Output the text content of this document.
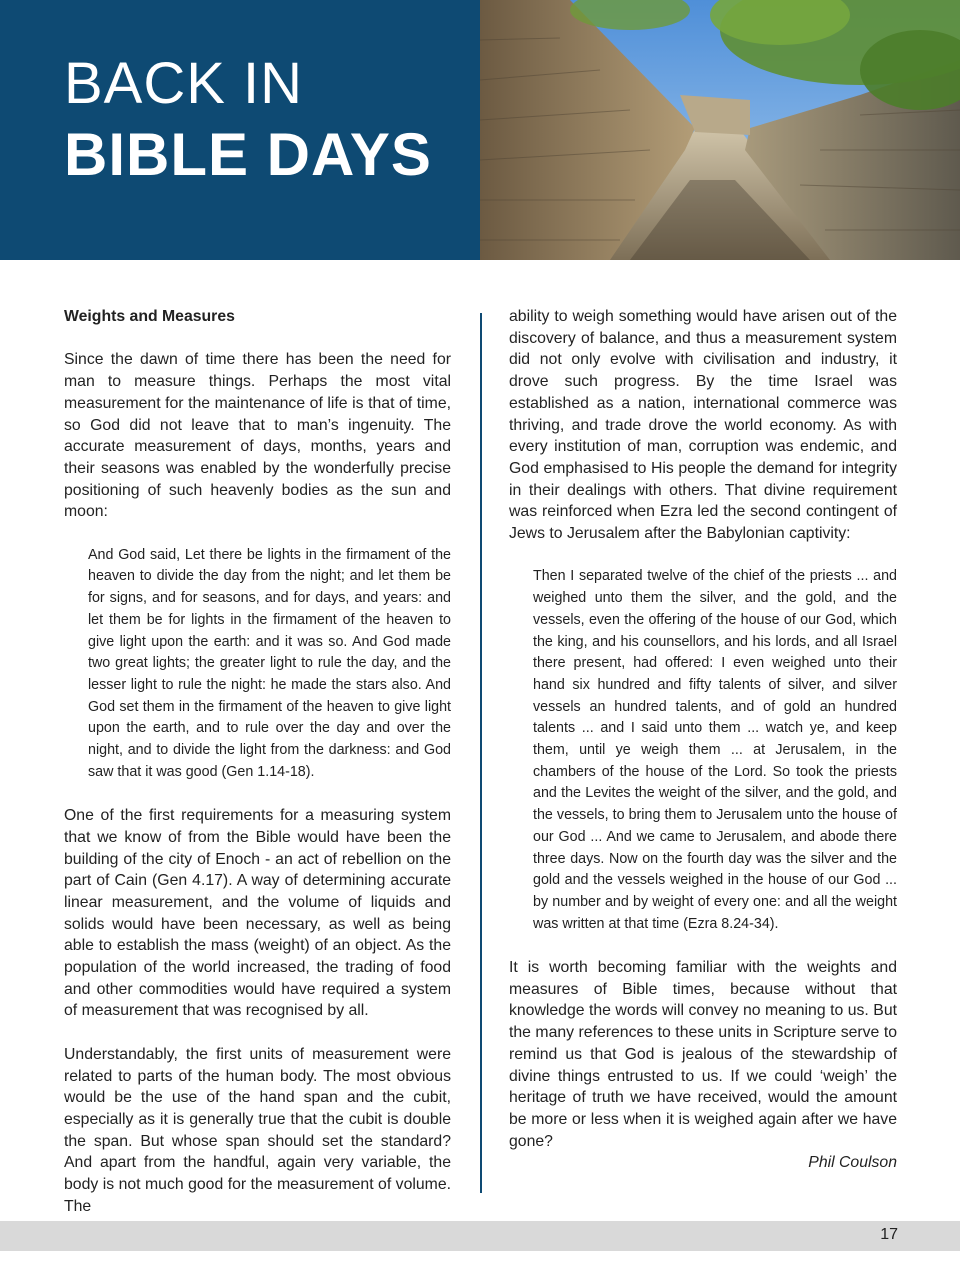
BACK IN
BIBLE DAYS

Weights and Measures

Since the dawn of time there has been the need for man to measure things. Perhaps the most vital measurement for the maintenance of life is that of time, so God did not leave that to man’s ingenuity. The accurate measurement of days, months, years and their seasons was enabled by the wonderfully precise positioning of such heavenly bodies as the sun and moon:

And God said, Let there be lights in the firmament of the heaven to divide the day from the night; and let them be for signs, and for seasons, and for days, and years: and let them be for lights in the firmament of the heaven to give light upon the earth: and it was so. And God made two great lights; the greater light to rule the day, and the lesser light to rule the night: he made the stars also. And God set them in the firmament of the heaven to give light upon the earth, and to rule over the day and over the night, and to divide the light from the darkness: and God saw that it was good (Gen 1.14-18).

One of the first requirements for a measuring system that we know of from the Bible would have been the building of the city of Enoch - an act of rebellion on the part of Cain (Gen 4.17). A way of determining accurate linear measurement, and the volume of liquids and solids would have been necessary, as well as being able to establish the mass (weight) of an object. As the population of the world increased, the trading of food and other commodities would have required a system of measurement that was recognised by all.

Understandably, the first units of measurement were related to parts of the human body. The most obvious would be the use of the hand span and the cubit, especially as it is generally true that the cubit is double the span. But whose span should set the standard? And apart from the handful, again very variable, the body is not much good for the measurement of volume. The

ability to weigh something would have arisen out of the discovery of balance, and thus a measurement system did not only evolve with civilisation and industry, it drove such progress. By the time Israel was established as a nation, international commerce was thriving, and trade drove the world economy. As with every institution of man, corruption was endemic, and God emphasised to His people the demand for integrity in their dealings with others. That divine requirement was reinforced when Ezra led the second contingent of Jews to Jerusalem after the Babylonian captivity:

Then I separated twelve of the chief of the priests ... and weighed unto them the silver, and the gold, and the vessels, even the offering of the house of our God, which the king, and his counsellors, and his lords, and all Israel there present, had offered: I even weighed unto their hand six hundred and fifty talents of silver, and silver vessels an hundred talents, and of gold an hundred talents ... and I said unto them ... watch ye, and keep them, until ye weigh them ... at Jerusalem, in the chambers of the house of the Lord. So took the priests and the Levites the weight of the silver, and the gold, and the vessels, to bring them to Jerusalem unto the house of our God ... And we came to Jerusalem, and abode there three days. Now on the fourth day was the silver and the gold and the vessels weighed in the house of our God ... by number and by weight of every one: and all the weight was written at that time (Ezra 8.24-34).

It is worth becoming familiar with the weights and measures of Bible times, because without that knowledge the words will convey no meaning to us. But the many references to these units in Scripture serve to remind us that God is jealous of the stewardship of divine things entrusted to us. If we could ‘weigh’ the heritage of truth we have received, would the amount be more or less when it is weighed again after we have gone?

Phil Coulson

17
